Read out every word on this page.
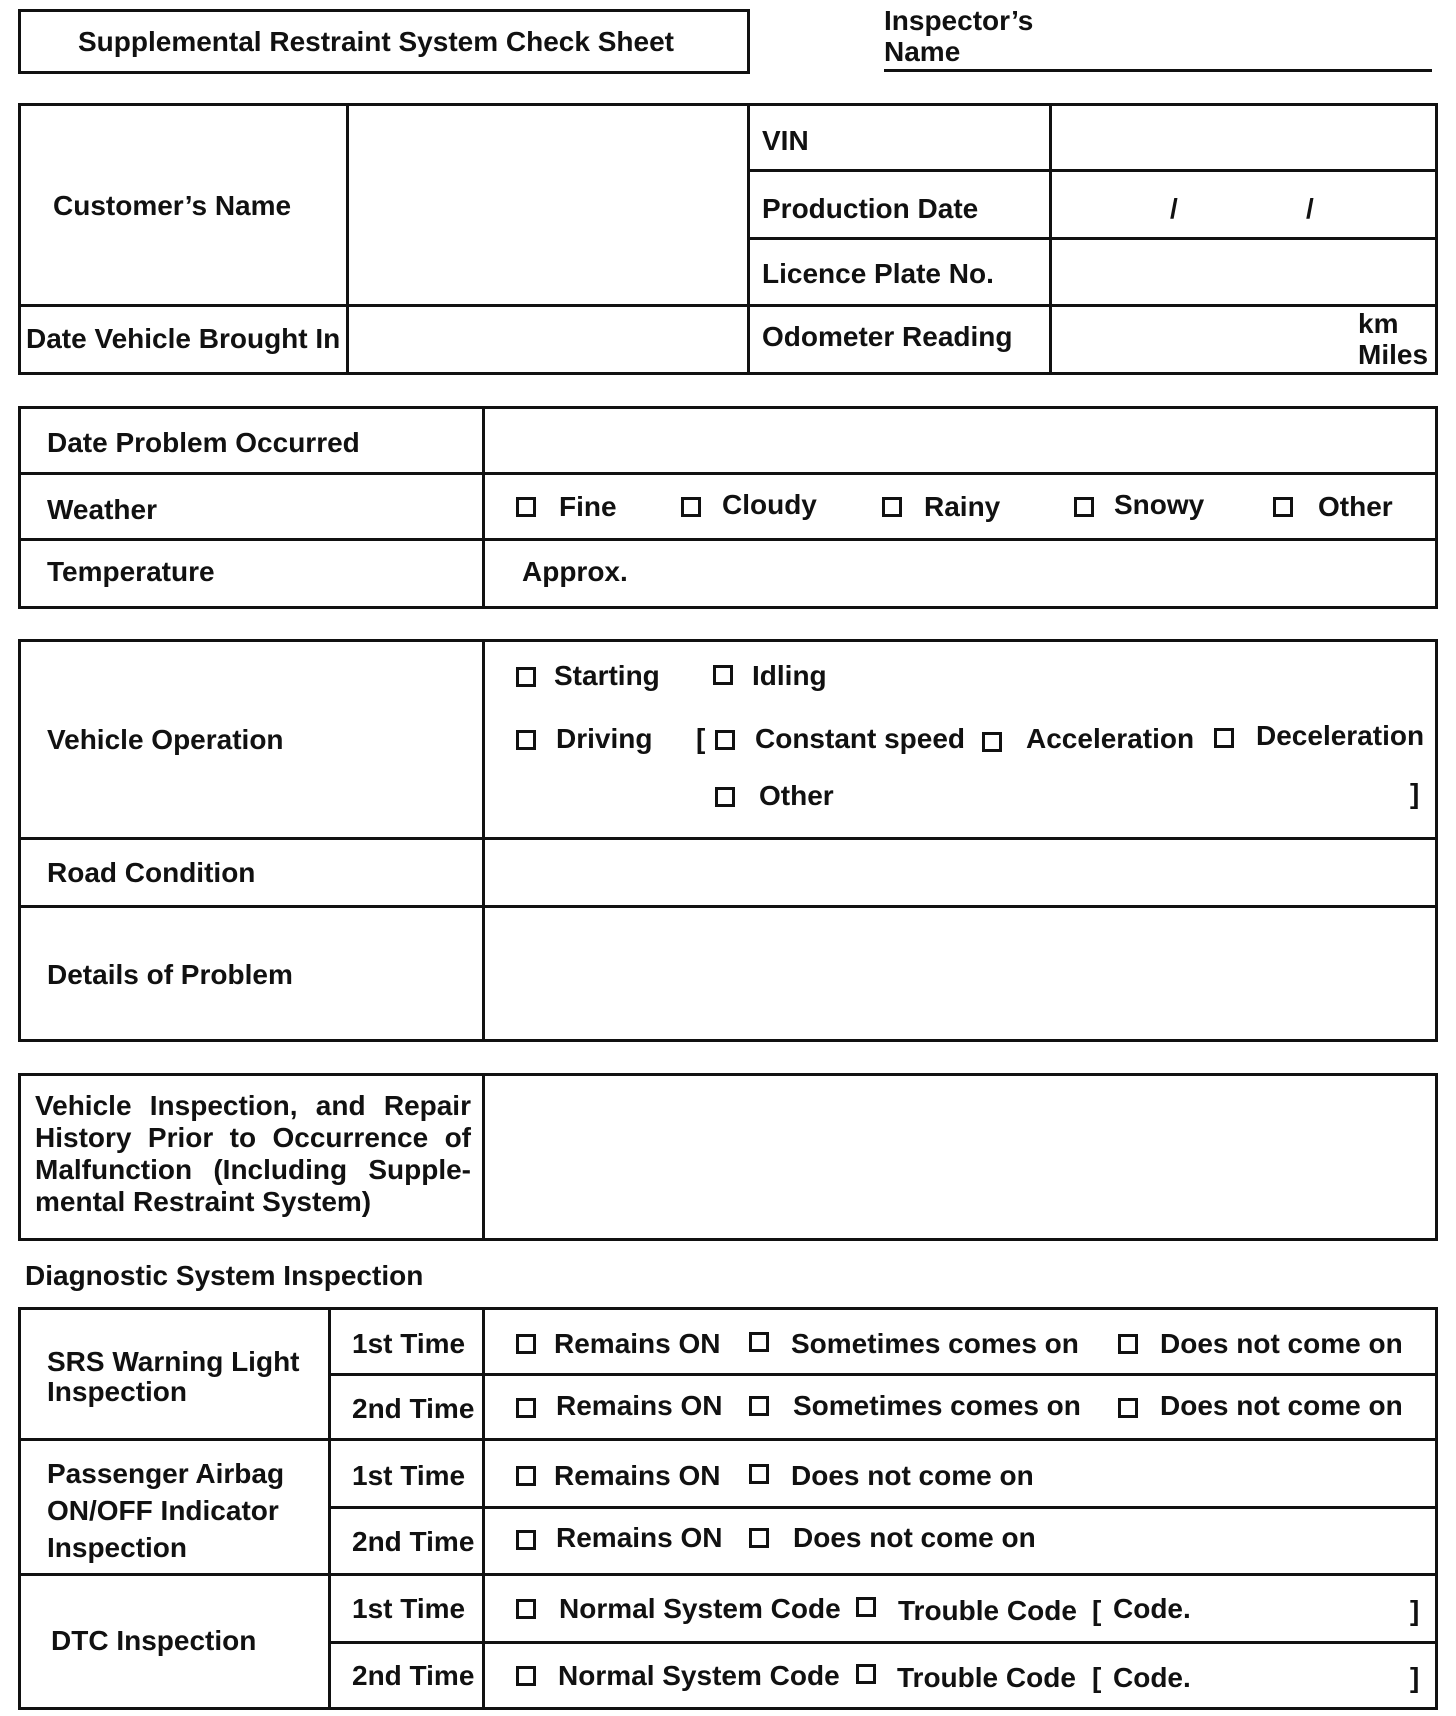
Supplemental Restraint System Check Sheet
Inspector’s
Name
Customer’s Name
VIN
Production Date	/	/
Licence Plate No.
Date Vehicle Brought In	Odometer Reading	km
Miles
Date Problem Occurred
Weather	Fine	Cloudy	Rainy	Snowy	Other
Temperature	Approx.
Vehicle Operation
Starting	Idling
Driving [ Constant speed Acceleration Deceleration
Other	]
Road Condition
Details of Problem
Vehicle Inspection, and Repair History Prior to Occurrence of Malfunction (Including Supple-mental Restraint System)
Diagnostic System Inspection
SRS Warning Light
Inspection
1st Time	Remains ON	Sometimes comes on	Does not come on
2nd Time	Remains ON	Sometimes comes on	Does not come on
Passenger Airbag
ON/OFF Indicator
Inspection
1st Time	Remains ON	Does not come on
2nd Time	Remains ON	Does not come on
DTC Inspection
1st Time	Normal System Code Trouble Code [ Code.	]
2nd Time	Normal System Code Trouble Code [ Code.	]
